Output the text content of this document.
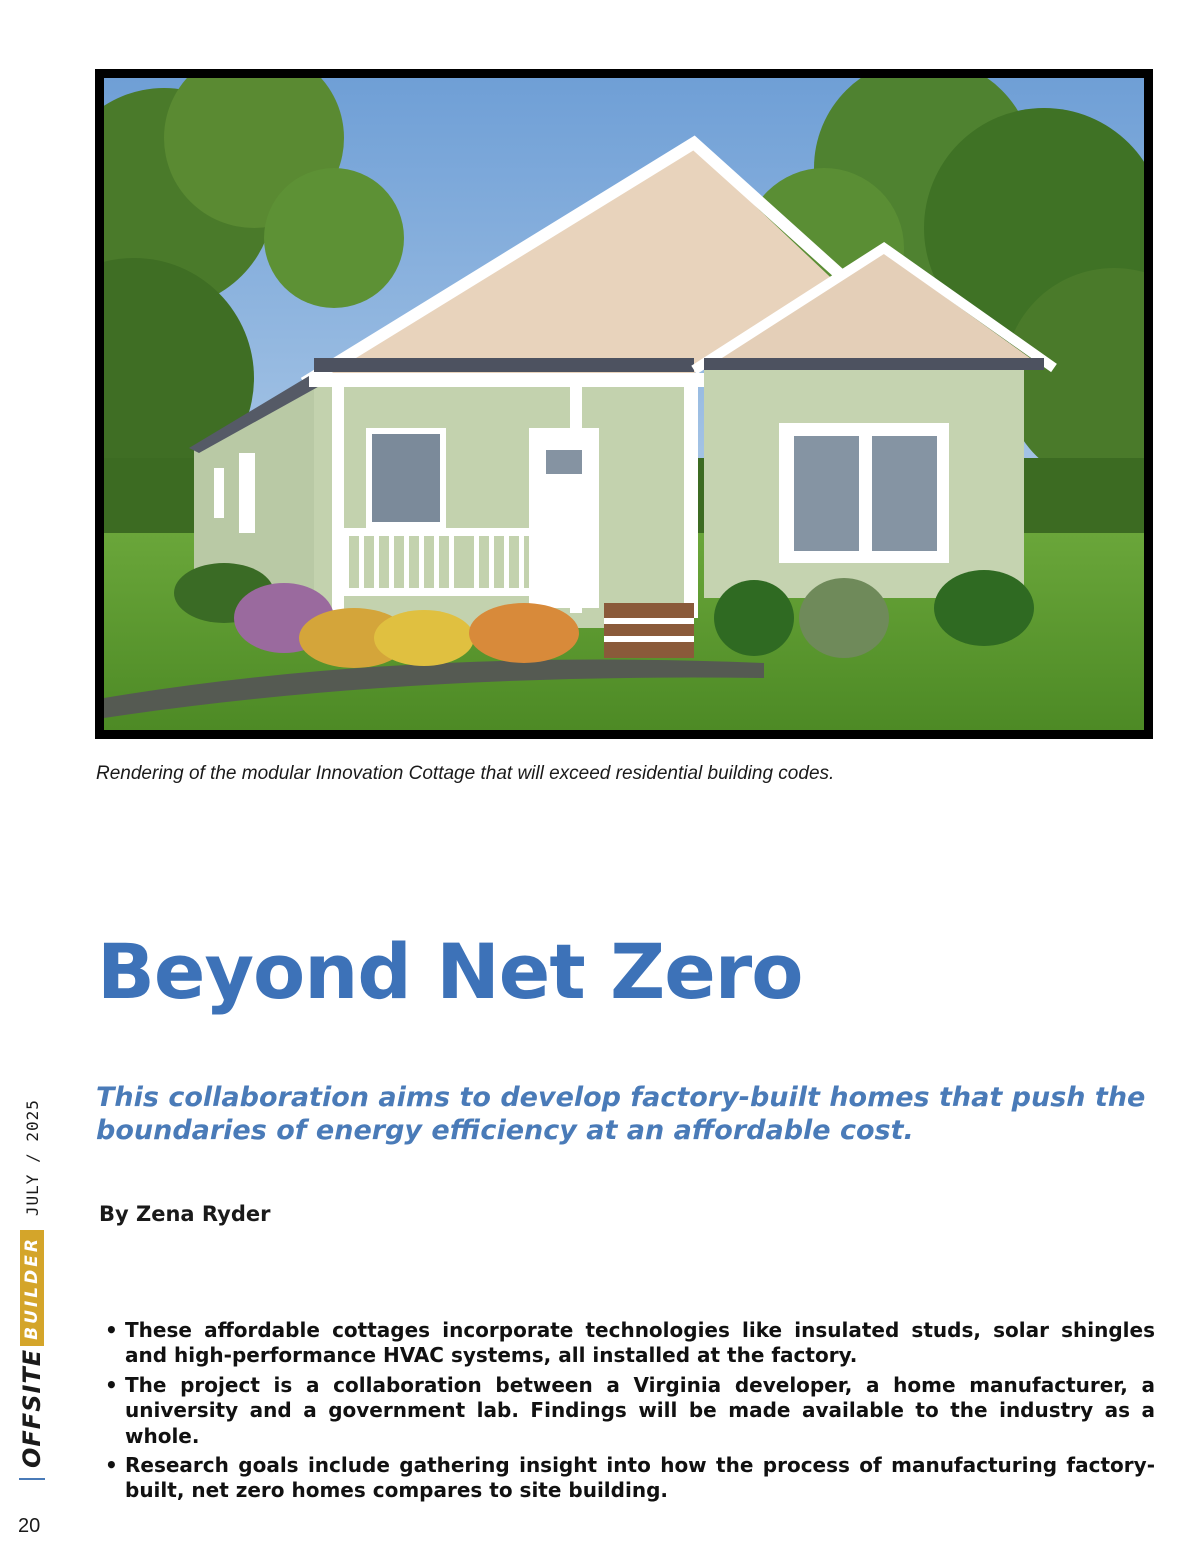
Rendering of the modular Innovation Cottage that will exceed residential building codes.
Beyond Net Zero

This collaboration aims to develop factory-built homes that push the boundaries of energy efficiency at an affordable cost.

By Zena Ryder

• These affordable cottages incorporate technologies like insulated studs, solar shingles and high-performance HVAC systems, all installed at the factory.
• The project is a collaboration between a Virginia developer, a home manufacturer, a university and a government lab. Findings will be made available to the industry as a whole.
• Research goals include gathering insight into how the process of manufacturing factory-built, net zero homes compares to site building.
OFFSITE
BUILDER
JULY / 2025
20
